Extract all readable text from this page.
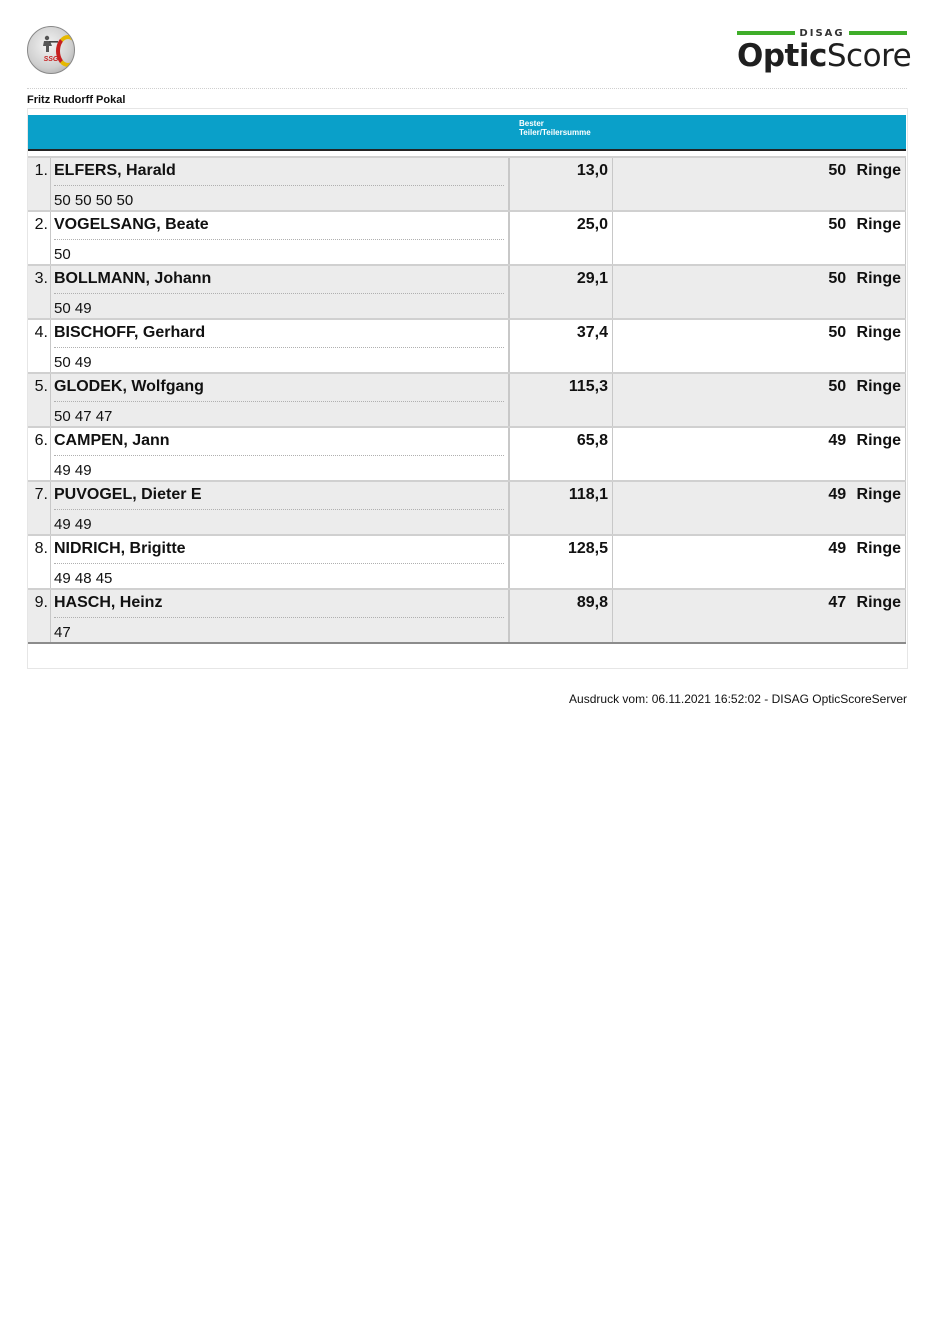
SSG
DISAG
OpticScore
Fritz Rudorff Pokal
Bester
Teiler/Teilersumme
1. ELFERS, Harald
50 50 50 50
13,0	50 Ringe
2. VOGELSANG, Beate
50
25,0	50 Ringe
3. BOLLMANN, Johann
50 49
29,1	50 Ringe
4. BISCHOFF, Gerhard
50 49
37,4	50 Ringe
5. GLODEK, Wolfgang
50 47 47
115,3	50 Ringe
6. CAMPEN, Jann
49 49
65,8	49 Ringe
7. PUVOGEL, Dieter E
49 49
118,1	49 Ringe
8. NIDRICH, Brigitte
49 48 45
128,5	49 Ringe
9. HASCH, Heinz
47
89,8	47 Ringe
Ausdruck vom: 06.11.2021 16:52:02 - DISAG OpticScoreServer
